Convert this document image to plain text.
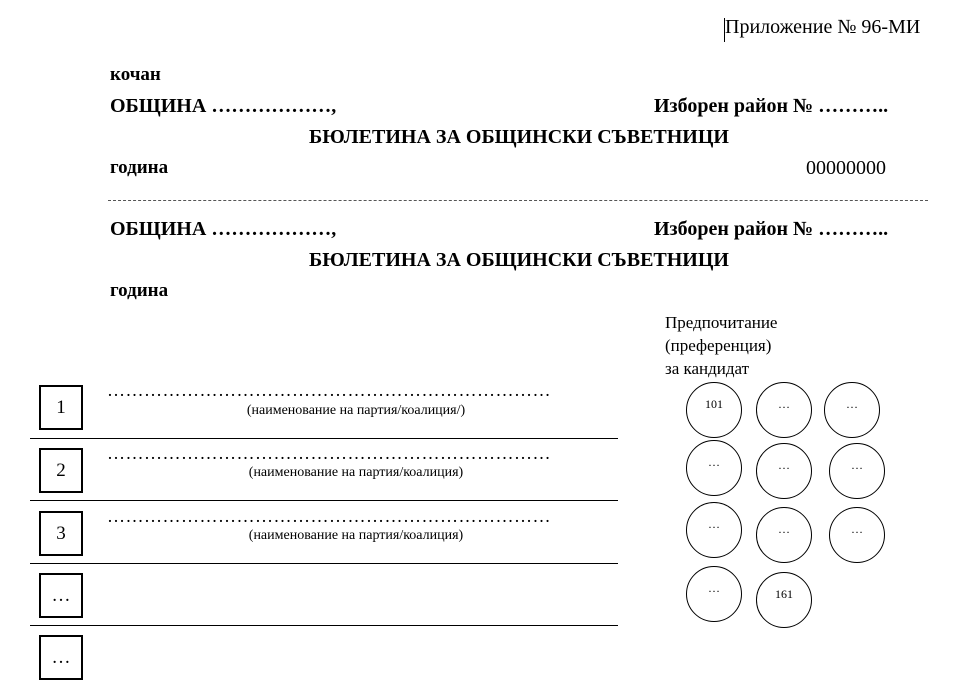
Приложение № 96-МИ
кочан
ОБЩИНА ………………,	Изборен район № ………..
БЮЛЕТИНА ЗА ОБЩИНСКИ СЪВЕТНИЦИ
година	00000000
ОБЩИНА ………………,	Изборен район № ………..
БЮЛЕТИНА ЗА ОБЩИНСКИ СЪВЕТНИЦИ
година
Предпочитание
(преференция)
за кандидат
1
………………………………………………………………
(наименование на партия/коалиция/)
2
………………………………………………………………
(наименование на партия/коалиция)
3
………………………………………………………………
(наименование на партия/коалиция)
…
…
101	…	…
…	…	…
…	…	…
…	161
